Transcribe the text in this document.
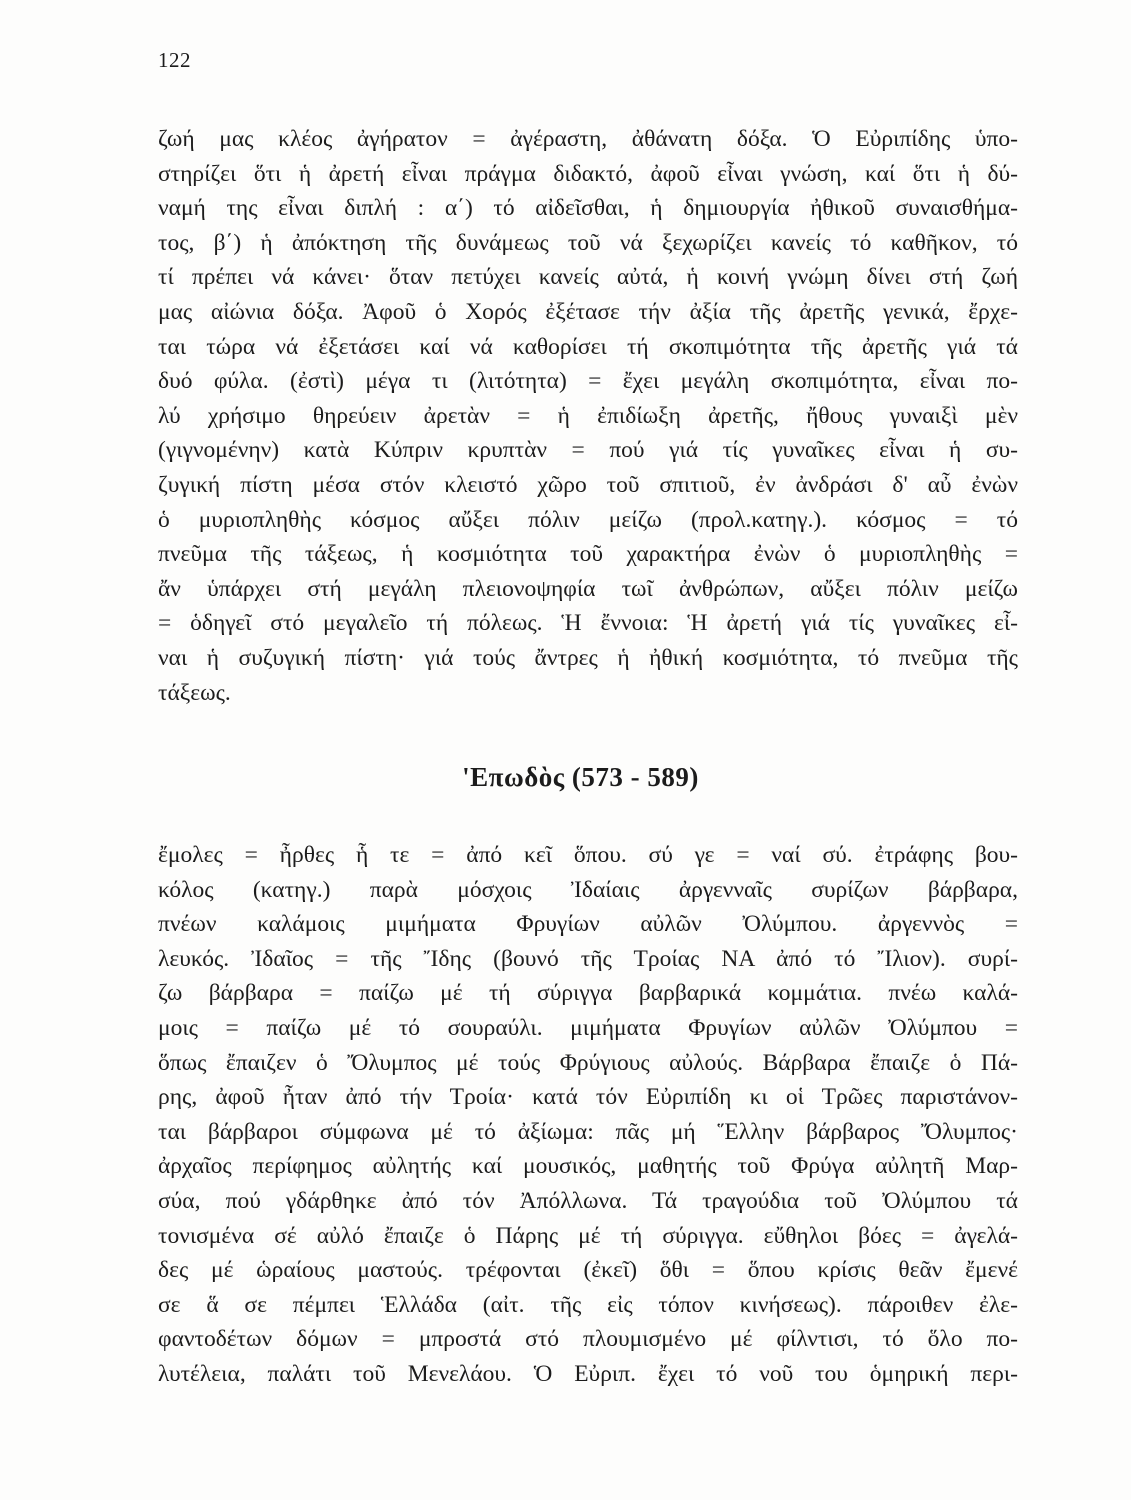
122
ζωή μας κλέος ἀγήρατον = ἀγέραστη, ἀθάνατη δόξα. Ὁ Εὐριπίδης ὑπο-
στηρίζει ὅτι ἡ ἀρετή εἶναι πράγμα διδακτό, ἀφοῦ εἶναι γνώση, καί ὅτι ἡ δύ-
ναμή της εἶναι διπλή : α΄) τό αἰδεῖσθαι, ἡ δημιουργία ἠθικοῦ συναισθήμα-
τος, β΄) ἡ ἀπόκτηση τῆς δυνάμεως τοῦ νά ξεχωρίζει κανείς τό καθῆκον, τό
τί πρέπει νά κάνει· ὅταν πετύχει κανείς αὐτά, ἡ κοινή γνώμη δίνει στή ζωή
μας αἰώνια δόξα. Ἀφοῦ ὁ Χορός ἐξέτασε τήν ἀξία τῆς ἀρετῆς γενικά, ἔρχε-
ται τώρα νά ἐξετάσει καί νά καθορίσει τή σκοπιμότητα τῆς ἀρετῆς γιά τά
δυό φύλα. (ἐστὶ) μέγα τι (λιτότητα) = ἔχει μεγάλη σκοπιμότητα, εἶναι πο-
λύ χρήσιμο θηρεύειν ἀρετὰν = ἡ ἐπιδίωξη ἀρετῆς, ἤθους γυναιξὶ μὲν
(γιγνομένην) κατὰ Κύπριν κρυπτὰν = πού γιά τίς γυναῖκες εἶναι ἡ συ-
ζυγική πίστη μέσα στόν κλειστό χῶρο τοῦ σπιτιοῦ, ἐν ἀνδράσι δ' αὖ ἐνὼν
ὁ μυριοπληθὴς κόσμος αὔξει πόλιν μείζω (προλ.κατηγ.). κόσμος = τό
πνεῦμα τῆς τάξεως, ἡ κοσμιότητα τοῦ χαρακτήρα ἐνὼν ὁ μυριοπληθὴς =
ἄν ὑπάρχει στή μεγάλη πλειονοψηφία τω̃ι ἀνθρώπων, αὔξει πόλιν μείζω
= ὁδηγεῖ στό μεγαλεῖο τή πόλεως. Ἡ ἔννοια: Ἡ ἀρετή γιά τίς γυναῖκες εἶ-
ναι ἡ συζυγική πίστη· γιά τούς ἄντρες ἡ ἠθική κοσμιότητα, τό πνεῦμα τῆς
τάξεως.
'Επωδὸς (573 - 589)
ἔμολες = ἦρθες ἧ τε = ἀπό κεῖ ὅπου. σύ γε = ναί σύ. ἐτράφης βου-
κόλος (κατηγ.) παρὰ μόσχοις Ἰδαίαις ἀργενναῖς συρίζων βάρβαρα,
πνέων καλάμοις μιμήματα Φρυγίων αὐλῶν Ὀλύμπου. ἀργεννὸς =
λευκός. Ἰδαῖος = τῆς Ἴδης (βουνό τῆς Τροίας ΝΑ ἀπό τό Ἴλιον). συρί-
ζω βάρβαρα = παίζω μέ τή σύριγγα βαρβαρικά κομμάτια. πνέω καλά-
μοις = παίζω μέ τό σουραύλι. μιμήματα Φρυγίων αὐλῶν Ὀλύμπου =
ὅπως ἔπαιζεν ὁ Ὄλυμπος μέ τούς Φρύγιους αὐλούς. Βάρβαρα ἔπαιζε ὁ Πά-
ρης, ἀφοῦ ἦταν ἀπό τήν Τροία· κατά τόν Εὐριπίδη κι οἱ Τρῶες παριστάνον-
ται βάρβαροι σύμφωνα μέ τό ἀξίωμα: πᾶς μή Ἕλλην βάρβαρος Ὄλυμπος·
ἀρχαῖος περίφημος αὐλητής καί μουσικός, μαθητής τοῦ Φρύγα αὐλητῆ Μαρ-
σύα, πού γδάρθηκε ἀπό τόν Ἀπόλλωνα. Τά τραγούδια τοῦ Ὀλύμπου τά
τονισμένα σέ αὐλό ἔπαιζε ὁ Πάρης μέ τή σύριγγα. εὔθηλοι βόες = ἀγελά-
δες μέ ὡραίους μαστούς. τρέφονται (ἐκεῖ) ὅθι = ὅπου κρίσις θεᾶν ἔμενέ
σε ἅ σε πέμπει Ἑλλάδα (αἰτ. τῆς εἰς τόπον κινήσεως). πάροιθεν ἐλε-
φαντοδέτων δόμων = μπροστά στό πλουμισμένο μέ φίλντισι, τό ὅλο πο-
λυτέλεια, παλάτι τοῦ Μενελάου. Ὁ Εὐριπ. ἔχει τό νοῦ του ὁμηρική περι-
